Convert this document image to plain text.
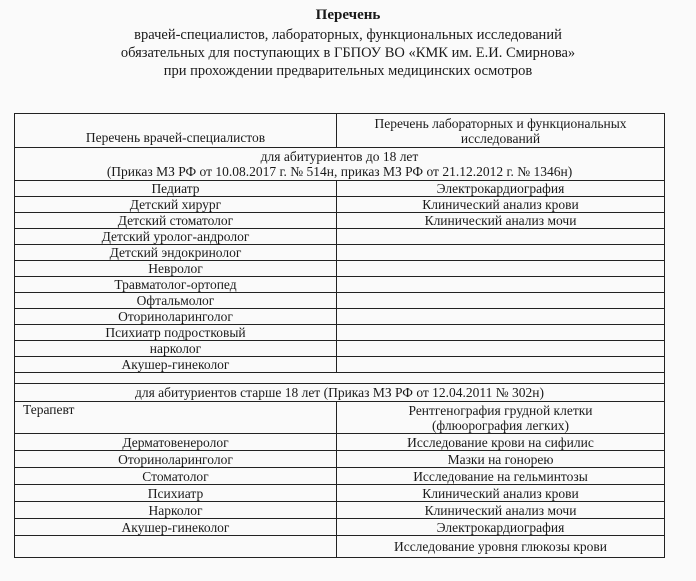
Перечень
врачей-специалистов, лабораторных, функциональных исследований
обязательных для поступающих в ГБПОУ ВО «КМК им. Е.И. Смирнова»
при прохождении предварительных медицинских осмотров
Перечень врачей-специалистов	Перечень лабораторных и функциональных исследований

для абитуриентов до 18 лет
(Приказ МЗ РФ от 10.08.2017 г. № 514н, приказ МЗ РФ от 21.12.2012 г. № 1346н)	

Педиатр	Электрокардиография
Детский хирург	Клинический анализ крови
Детский стоматолог	Клинический анализ мочи
Детский уролог-андролог	
Детский эндокринолог	
Невролог	
Травматолог-ортопед	
Офтальмолог	
Оториноларинголог	
Психиатр подростковый	
нарколог	
Акушер-гинеколог	

для абитуриентов старше 18 лет (Приказ МЗ РФ от 12.04.2011 № 302н)	
Терапевт	Рентгенография грудной клетки
(флюорография легких)

Дерматовенеролог	Исследование крови на сифилис
Оториноларинголог	Мазки на гонорею
Стоматолог	Исследование на гельминтозы
Психиатр	Клинический анализ крови
Нарколог	Клинический анализ мочи
Акушер-гинеколог	Электрокардиография
	Исследование уровня глюкозы крови
